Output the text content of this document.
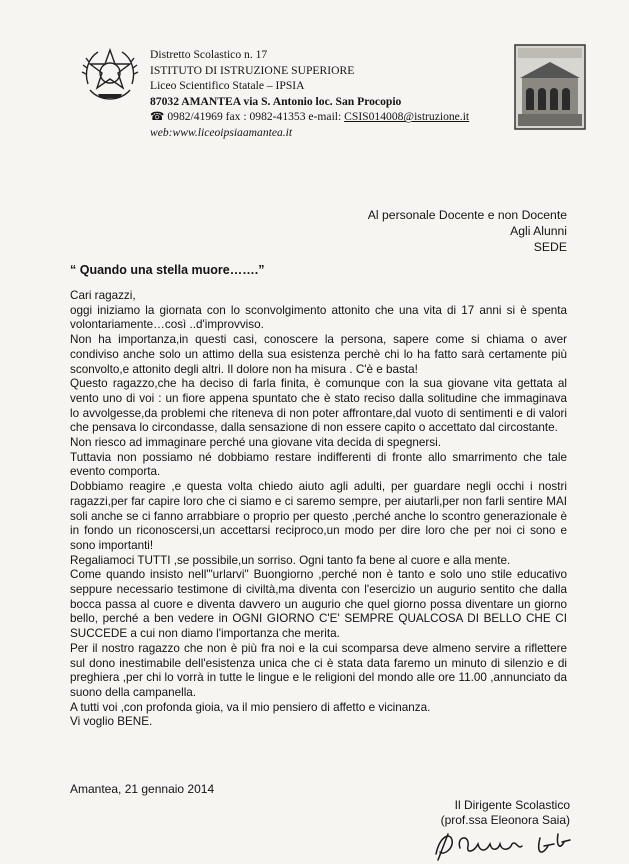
Distretto Scolastico n. 17
ISTITUTO DI ISTRUZIONE SUPERIORE
Liceo Scientifico Statale – IPSIA
87032 AMANTEA via S. Antonio loc. San Procopio
☎ 0982/41969 fax : 0982-41353 e-mail: CSIS014008@istruzione.it
web:www.liceoipsiaamantea.it
Al personale Docente e non Docente
Agli Alunni
SEDE
“ Quando una stella muore…….”

Cari ragazzi,

oggi iniziamo la giornata con lo sconvolgimento attonito che una vita di 17 anni si è spenta volontariamente…così ..d'improvviso.

Non ha importanza,in questi casi, conoscere la persona, sapere come si chiama o aver condiviso anche solo un attimo della sua esistenza perchè chi lo ha fatto sarà certamente più sconvolto,e attonito degli altri. Il dolore non ha misura . C'è e basta!

Questo ragazzo,che ha deciso di farla finita, è comunque con la sua giovane vita gettata al vento uno di voi : un fiore appena spuntato che è stato reciso dalla solitudine che immaginava lo avvolgesse,da problemi che riteneva di non poter affrontare,dal vuoto di sentimenti e di valori che pensava lo circondasse, dalla sensazione di non essere capito o accettato dal circostante.

Non riesco ad immaginare perché una giovane vita decida di spegnersi.

Tuttavia non possiamo né dobbiamo restare indifferenti di fronte allo smarrimento che tale evento comporta.

Dobbiamo reagire ,e questa volta chiedo aiuto agli adulti, per guardare negli occhi i nostri ragazzi,per far capire loro che ci siamo e ci saremo sempre, per aiutarli,per non farli sentire MAI soli anche se ci fanno arrabbiare o proprio per questo ,perché anche lo scontro generazionale è in fondo un riconoscersi,un accettarsi reciproco,un modo per dire loro che per noi ci sono e sono importanti!

Regaliamoci TUTTI ,se possibile,un sorriso. Ogni tanto fa bene al cuore e alla mente.

Come quando insisto nell'"urlarvi" Buongiorno ,perché non è tanto e solo uno stile educativo seppure necessario testimone di civiltà,ma diventa con l'esercizio un augurio sentito che dalla bocca passa al cuore e diventa davvero un augurio che quel giorno possa diventare un giorno bello, perché a ben vedere in OGNI GIORNO C'E' SEMPRE QUALCOSA DI BELLO CHE CI SUCCEDE a cui non diamo l'importanza che merita.

Per il nostro ragazzo che non è più fra noi e la cui scomparsa deve almeno servire a riflettere sul dono inestimabile dell'esistenza unica che ci è stata data faremo un minuto di silenzio e di preghiera ,per chi lo vorrà in tutte le lingue e le religioni del mondo alle ore 11.00 ,annunciato da suono della campanella.

A tutti voi ,con profonda gioia, va il mio pensiero di affetto e vicinanza.

Vi voglio BENE.

Amantea, 21 gennaio 2014
Il Dirigente Scolastico
(prof.ssa Eleonora Saia)
